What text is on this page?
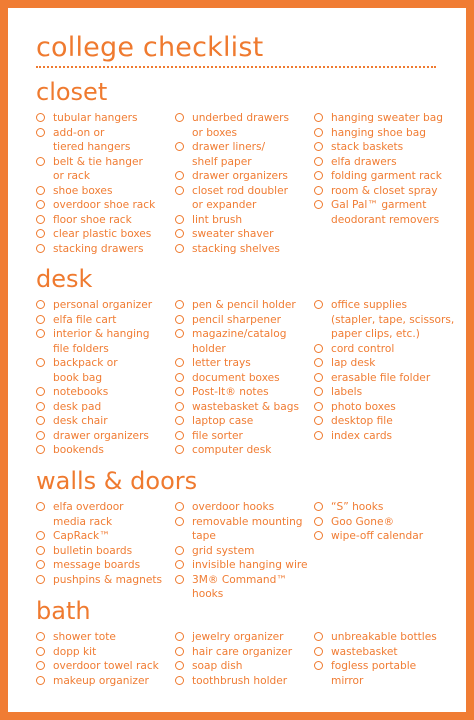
college checklist
closet
tubular hangers
add-on or
tiered hangers
belt & tie hanger
or rack
shoe boxes
overdoor shoe rack
floor shoe rack
clear plastic boxes
stacking drawers
underbed drawers
or boxes
drawer liners/
shelf paper
drawer organizers
closet rod doubler
or expander
lint brush
sweater shaver
stacking shelves
hanging sweater bag
hanging shoe bag
stack baskets
elfa drawers
folding garment rack
room & closet spray
Gal Pal™ garment
deodorant removers
desk
personal organizer
elfa file cart
interior & hanging
file folders
backpack or
book bag
notebooks
desk pad
desk chair
drawer organizers
bookends
pen & pencil holder
pencil sharpener
magazine/catalog
holder
letter trays
document boxes
Post-It® notes
wastebasket & bags
laptop case
file sorter
computer desk
office supplies
(stapler, tape, scissors,
paper clips, etc.)
cord control
lap desk
erasable file folder
labels
photo boxes
desktop file
index cards
walls & doors
elfa overdoor
media rack
CapRack™
bulletin boards
message boards
pushpins & magnets
overdoor hooks
removable mounting
tape
grid system
invisible hanging wire
3M® Command™
hooks
“S” hooks
Goo Gone®
wipe-off calendar
bath
shower tote
dopp kit
overdoor towel rack
makeup organizer
jewelry organizer
hair care organizer
soap dish
toothbrush holder
unbreakable bottles
wastebasket
fogless portable
mirror
